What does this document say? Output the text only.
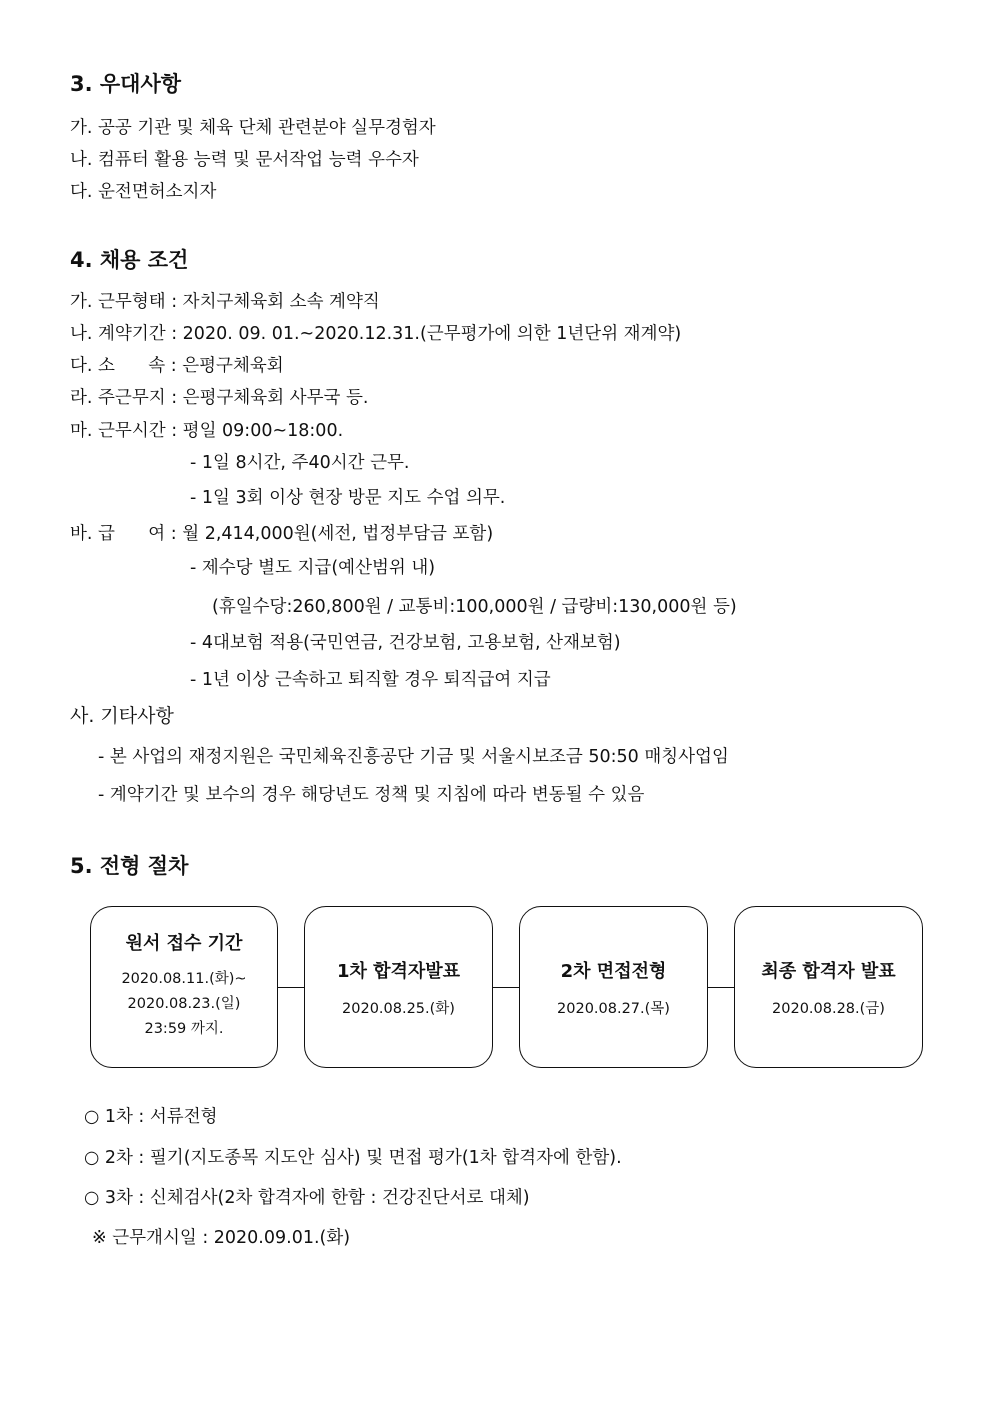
3. 우대사항
가. 공공 기관 및 체육 단체 관련분야 실무경험자
나. 컴퓨터 활용 능력 및 문서작업 능력 우수자
다. 운전면허소지자
4. 채용 조건
가. 근무형태 : 자치구체육회 소속 계약직
나. 계약기간 : 2020. 09. 01.~2020.12.31.(근무평가에 의한 1년단위 재계약)
다. 소      속 : 은평구체육회
라. 주근무지 : 은평구체육회 사무국 등.
마. 근무시간 : 평일 09:00~18:00.
- 1일 8시간, 주40시간 근무.
- 1일 3회 이상 현장 방문 지도 수업 의무.
바. 급      여 : 월 2,414,000원(세전, 법정부담금 포함)
- 제수당 별도 지급(예산범위 내)
(휴일수당:260,800원 / 교통비:100,000원 / 급량비:130,000원 등)
- 4대보험 적용(국민연금, 건강보험, 고용보험, 산재보험)
- 1년 이상 근속하고 퇴직할 경우 퇴직급여 지급
사. 기타사항
- 본 사업의 재정지원은 국민체육진흥공단 기금 및 서울시보조금 50:50 매칭사업임
- 계약기간 및 보수의 경우 해당년도 정책 및 지침에 따라 변동될 수 있음
5. 전형 절차
원서 접수 기간
2020.08.11.(화)~
2020.08.23.(일)
23:59 까지.
1차 합격자발표
2020.08.25.(화)
2차 면접전형
2020.08.27.(목)
최종 합격자 발표
2020.08.28.(금)
○ 1차 : 서류전형
○ 2차 : 필기(지도종목 지도안 심사) 및 면접 평가(1차 합격자에 한함).
○ 3차 : 신체검사(2차 합격자에 한함 : 건강진단서로 대체)
※ 근무개시일 : 2020.09.01.(화)
